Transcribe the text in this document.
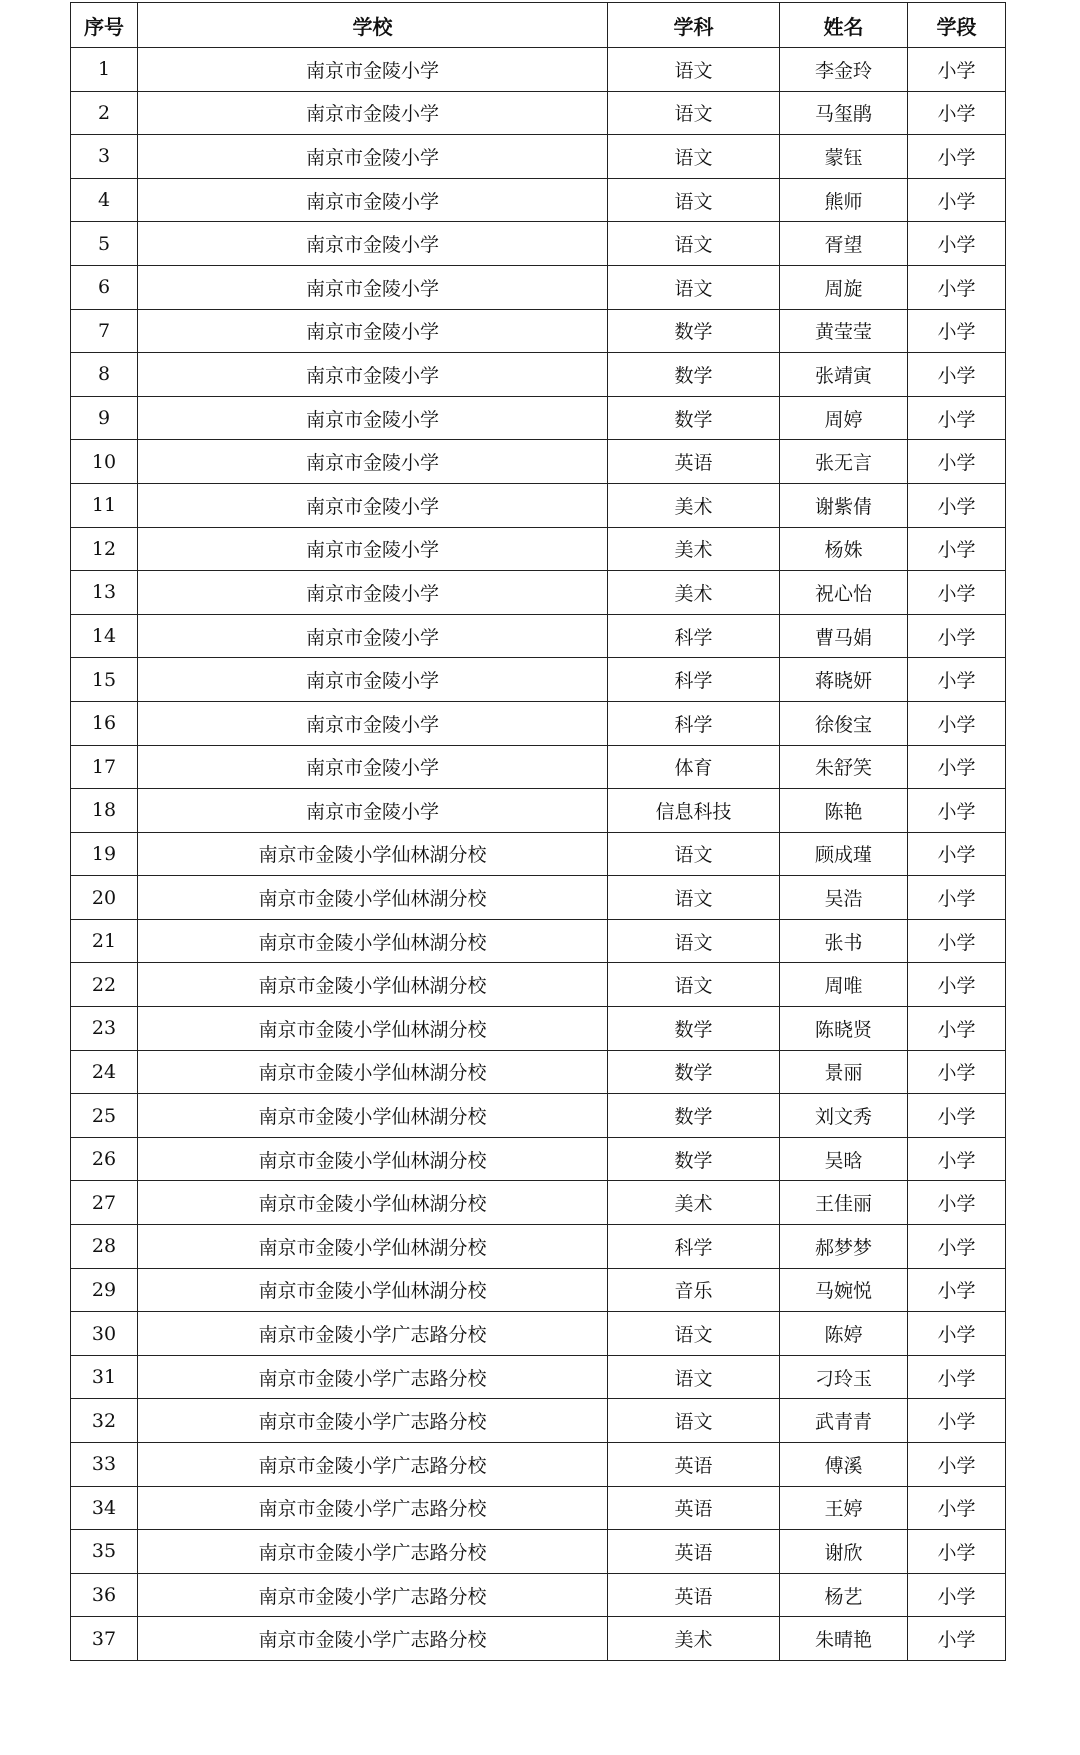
序号	学校	学科	姓名	学段
1	南京市金陵小学	语文	李金玲	小学
2	南京市金陵小学	语文	马玺鹃	小学
3	南京市金陵小学	语文	蒙钰	小学
4	南京市金陵小学	语文	熊师	小学
5	南京市金陵小学	语文	胥望	小学
6	南京市金陵小学	语文	周旋	小学
7	南京市金陵小学	数学	黄莹莹	小学
8	南京市金陵小学	数学	张靖寅	小学
9	南京市金陵小学	数学	周婷	小学
10	南京市金陵小学	英语	张无言	小学
11	南京市金陵小学	美术	谢紫倩	小学
12	南京市金陵小学	美术	杨姝	小学
13	南京市金陵小学	美术	祝心怡	小学
14	南京市金陵小学	科学	曹马娟	小学
15	南京市金陵小学	科学	蒋晓妍	小学
16	南京市金陵小学	科学	徐俊宝	小学
17	南京市金陵小学	体育	朱舒笑	小学
18	南京市金陵小学	信息科技	陈艳	小学
19	南京市金陵小学仙林湖分校	语文	顾成瑾	小学
20	南京市金陵小学仙林湖分校	语文	吴浩	小学
21	南京市金陵小学仙林湖分校	语文	张书	小学
22	南京市金陵小学仙林湖分校	语文	周唯	小学
23	南京市金陵小学仙林湖分校	数学	陈晓贤	小学
24	南京市金陵小学仙林湖分校	数学	景丽	小学
25	南京市金陵小学仙林湖分校	数学	刘文秀	小学
26	南京市金陵小学仙林湖分校	数学	吴晗	小学
27	南京市金陵小学仙林湖分校	美术	王佳丽	小学
28	南京市金陵小学仙林湖分校	科学	郝梦梦	小学
29	南京市金陵小学仙林湖分校	音乐	马婉悦	小学
30	南京市金陵小学广志路分校	语文	陈婷	小学
31	南京市金陵小学广志路分校	语文	刁玲玉	小学
32	南京市金陵小学广志路分校	语文	武青青	小学
33	南京市金陵小学广志路分校	英语	傅溪	小学
34	南京市金陵小学广志路分校	英语	王婷	小学
35	南京市金陵小学广志路分校	英语	谢欣	小学
36	南京市金陵小学广志路分校	英语	杨艺	小学
37	南京市金陵小学广志路分校	美术	朱晴艳	小学
